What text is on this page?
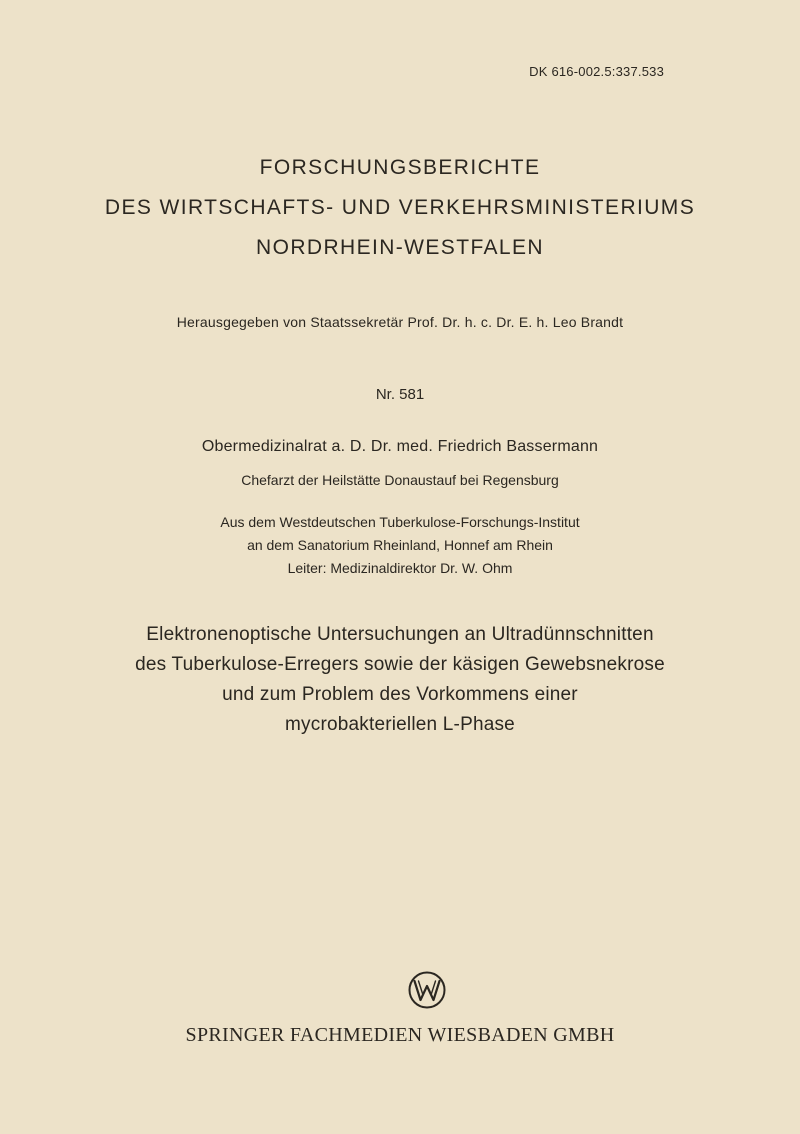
DK 616-002.5:337.533
FORSCHUNGSBERICHTE
DES WIRTSCHAFTS- UND VERKEHRSMINISTERIUMS
NORDRHEIN-WESTFALEN
Herausgegeben von Staatssekretär Prof. Dr. h. c. Dr. E. h. Leo Brandt
Nr. 581
Obermedizinalrat a. D. Dr. med. Friedrich Bassermann
Chefarzt der Heilstätte Donaustauf bei Regensburg
Aus dem Westdeutschen Tuberkulose-Forschungs-Institut
an dem Sanatorium Rheinland, Honnef am Rhein
Leiter: Medizinaldirektor Dr. W. Ohm
Elektronenoptische Untersuchungen an Ultradünnschnitten
des Tuberkulose-Erregers sowie der käsigen Gewebsnekrose
und zum Problem des Vorkommens einer
mycrobakteriellen L-Phase
SPRINGER FACHMEDIEN WIESBADEN GMBH
